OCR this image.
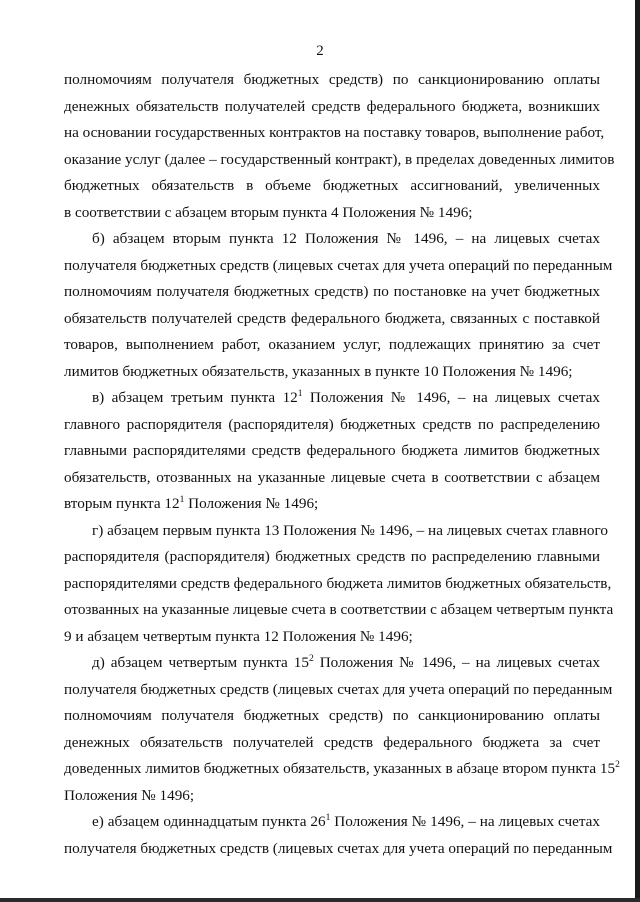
2
полномочиям получателя бюджетных средств) по санкционированию оплаты
денежных обязательств получателей средств федерального бюджета, возникших
на основании государственных контрактов на поставку товаров, выполнение работ,
оказание услуг (далее – государственный контракт), в пределах доведенных лимитов
бюджетных обязательств в объеме бюджетных ассигнований, увеличенных
в соответствии с абзацем вторым пункта 4 Положения № 1496;
б) абзацем вторым пункта 12 Положения № 1496, – на лицевых счетах
получателя бюджетных средств (лицевых счетах для учета операций по переданным
полномочиям получателя бюджетных средств) по постановке на учет бюджетных
обязательств получателей средств федерального бюджета, связанных с поставкой
товаров, выполнением работ, оказанием услуг, подлежащих принятию за счет
лимитов бюджетных обязательств, указанных в пункте 10 Положения № 1496;
в) абзацем третьим пункта $12^1$ Положения № 1496, – на лицевых счетах
главного распорядителя (распорядителя) бюджетных средств по распределению
главными распорядителями средств федерального бюджета лимитов бюджетных
обязательств, отозванных на указанные лицевые счета в соответствии с абзацем
вторым пункта $12^1$ Положения № 1496;
г) абзацем первым пункта 13 Положения № 1496, – на лицевых счетах главного
распорядителя (распорядителя) бюджетных средств по распределению главными
распорядителями средств федерального бюджета лимитов бюджетных обязательств,
отозванных на указанные лицевые счета в соответствии с абзацем четвертым пункта
9 и абзацем четвертым пункта 12 Положения № 1496;
д) абзацем четвертым пункта $15^2$ Положения № 1496, – на лицевых счетах
получателя бюджетных средств (лицевых счетах для учета операций по переданным
полномочиям получателя бюджетных средств) по санкционированию оплаты
денежных обязательств получателей средств федерального бюджета за счет
доведенных лимитов бюджетных обязательств, указанных в абзаце втором пункта $15^2$
Положения № 1496;
е) абзацем одиннадцатым пункта $26^1$ Положения № 1496, – на лицевых счетах
получателя бюджетных средств (лицевых счетах для учета операций по переданным
